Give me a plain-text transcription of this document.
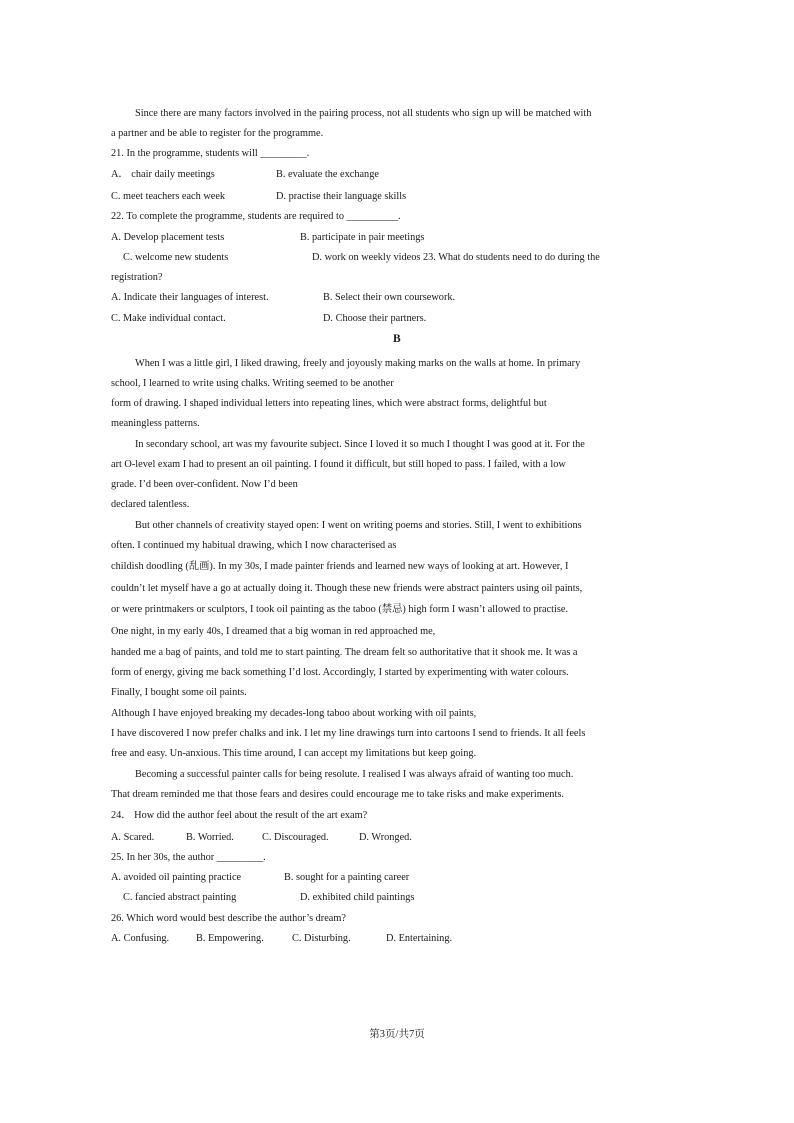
Since there are many factors involved in the pairing process, not all students who sign up will be matched with
a partner and be able to register for the programme.
21. In the programme, students will _________.
A． chair daily meetings	B. evaluate the exchange
C. meet teachers each week	D. practise their language skills
22. To complete the programme, students are required to __________.
A. Develop placement tests	B. participate in pair meetings
C. welcome new students	D. work on weekly videos 23. What do students need to do during the
registration?
A. Indicate their languages of interest.	B. Select their own coursework.
C. Make individual contact.	D. Choose their partners.
B
When I was a little girl, I liked drawing, freely and joyously making marks on the walls at home. In primary
school, I learned to write using chalks. Writing seemed to be another
form of drawing. I shaped individual letters into repeating lines, which were abstract forms, delightful but
meaningless patterns.
In secondary school, art was my favourite subject. Since I loved it so much I thought I was good at it. For the
art O-level exam I had to present an oil painting. I found it difficult, but still hoped to pass. I failed, with a low
grade. I’d been over-confident. Now I’d been
declared talentless.
But other channels of creativity stayed open: I went on writing poems and stories. Still, I went to exhibitions
often. I continued my habitual drawing, which I now characterised as
childish doodling (乱画). In my 30s, I made painter friends and learned new ways of looking at art. However, I
couldn’t let myself have a go at actually doing it. Though these new friends were abstract painters using oil paints,
or were printmakers or sculptors, I took oil painting as the taboo (禁忌) high form I wasn’t allowed to practise.
One night, in my early 40s, I dreamed that a big woman in red approached me,
handed me a bag of paints, and told me to start painting. The dream felt so authoritative that it shook me. It was a
form of energy, giving me back something I’d lost. Accordingly, I started by experimenting with water colours.
Finally, I bought some oil paints.
Although I have enjoyed breaking my decades-long taboo about working with oil paints,
I have discovered I now prefer chalks and ink. I let my line drawings turn into cartoons I send to friends. It all feels
free and easy. Un-anxious. This time around, I can accept my limitations but keep going.
Becoming a successful painter calls for being resolute. I realised I was always afraid of wanting too much.
That dream reminded me that those fears and desires could encourage me to take risks and make experiments.
24． How did the author feel about the result of the art exam?
A. Scared.	B. Worried.	C. Discouraged.	D. Wronged.
25. In her 30s, the author _________.
A. avoided oil painting practice	B. sought for a painting career
C. fancied abstract painting	D. exhibited child paintings
26. Which word would best describe the author’s dream?
A. Confusing.	B. Empowering.	C. Disturbing.	D. Entertaining.
第3页/共7页
